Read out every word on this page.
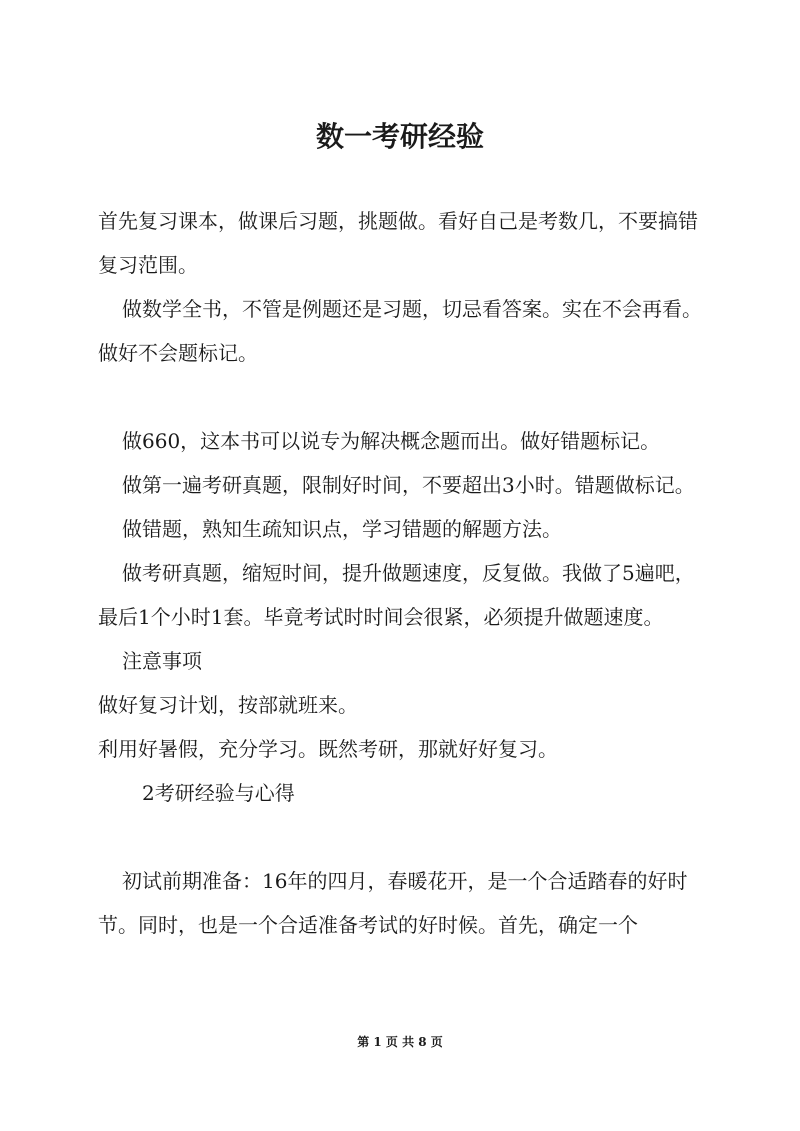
数一考研经验

首先复习课本，做课后习题，挑题做。看好自己是考数几，不要搞错复习范围。

做数学全书，不管是例题还是习题，切忌看答案。实在不会再看。做好不会题标记。

做660，这本书可以说专为解决概念题而出。做好错题标记。

做第一遍考研真题，限制好时间，不要超出3小时。错题做标记。

做错题，熟知生疏知识点，学习错题的解题方法。

做考研真题，缩短时间，提升做题速度，反复做。我做了5遍吧，最后1个小时1套。毕竟考试时时间会很紧，必须提升做题速度。

注意事项

做好复习计划，按部就班来。

利用好暑假，充分学习。既然考研，那就好好复习。

2考研经验与心得

初试前期准备：16年的四月，春暖花开，是一个合适踏春的好时节。同时，也是一个合适准备考试的好时候。首先，确定一个

第 1 页 共 8 页
